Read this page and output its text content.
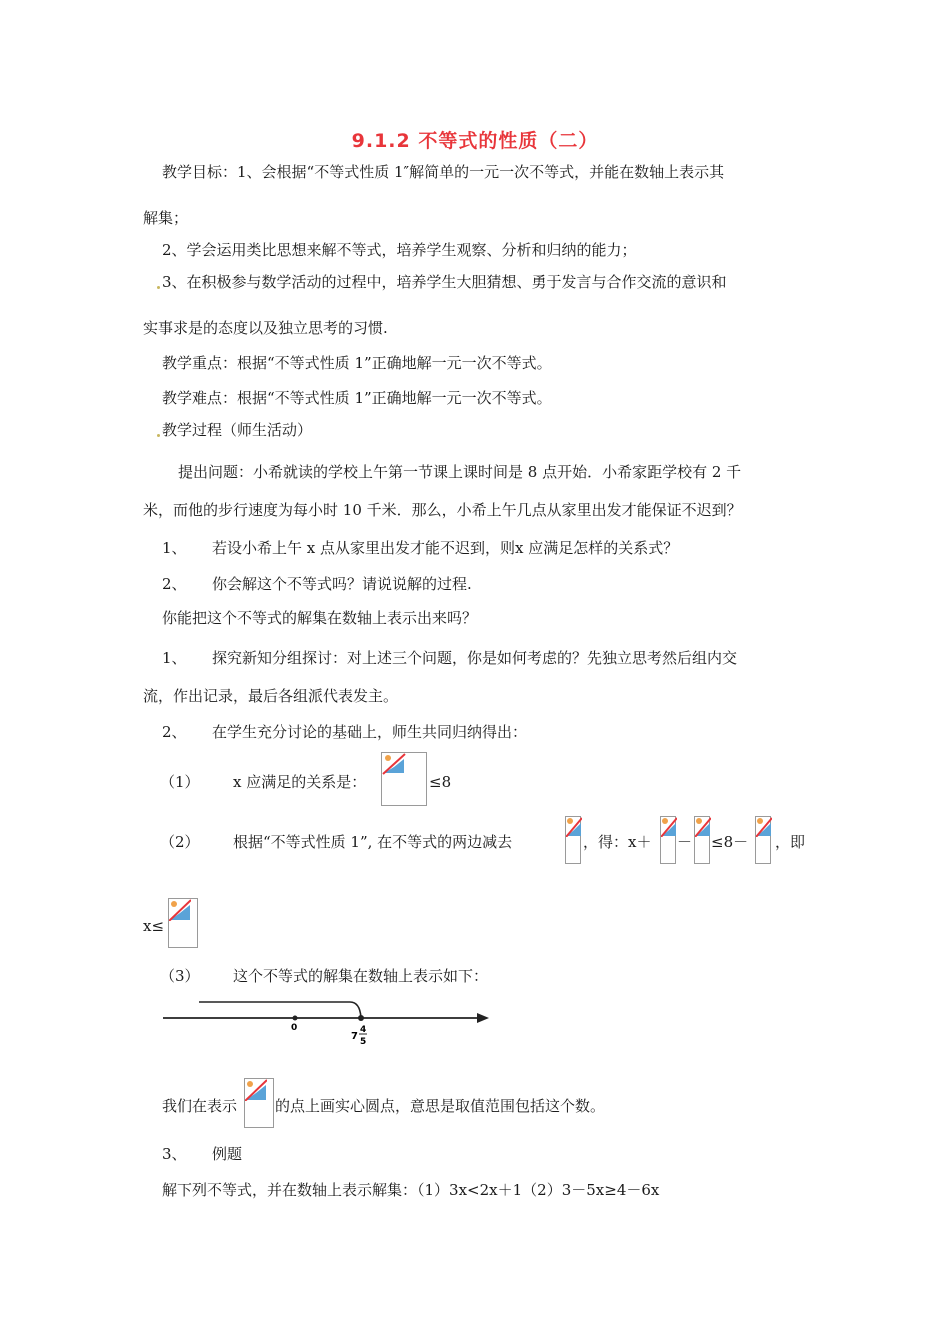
9.1.2 不等式的性质（二）
教学目标：1、会根据“不等式性质 1″解简单的一元一次不等式，并能在数轴上表示其
解集；
2、学会运用类比思想来解不等式，培养学生观察、分析和归纳的能力；
3、在积极参与数学活动的过程中，培养学生大胆猜想、勇于发言与合作交流的意识和
实事求是的态度以及独立思考的习惯.
教学重点：根据“不等式性质 1”正确地解一元一次不等式。
教学难点：根据“不等式性质 1”正确地解一元一次不等式。
教学过程（师生活动）
提出问题：小希就读的学校上午第一节课上课时间是 8 点开始．小希家距学校有 2 千
米，而他的步行速度为每小时 10 千米．那么，小希上午几点从家里出发才能保证不迟到？
1、 若设小希上午 x 点从家里出发才能不迟到，则x 应满足怎样的关系式？
2、 你会解这个不等式吗？请说说解的过程.
你能把这个不等式的解集在数轴上表示出来吗？
1、 探究新知分组探讨：对上述三个问题，你是如何考虑的？先独立思考然后组内交
流，作出记录，最后各组派代表发主。
2、 在学生充分讨论的基础上，师生共同归纳得出：
（1） x 应满足的关系是：	≤8
（2） 根据“不等式性质 1”, 在不等式的两边减去	，得：x＋ － ≤8－ ，即
x≤
（3） 这个不等式的解集在数轴上表示如下：
0
7
4
5
我们在表示	的点上画实心圆点，意思是取值范围包括这个数。
3、 例题
解下列不等式，并在数轴上表示解集：（1）3x<2x＋1（2）3－5x≥4－6x
